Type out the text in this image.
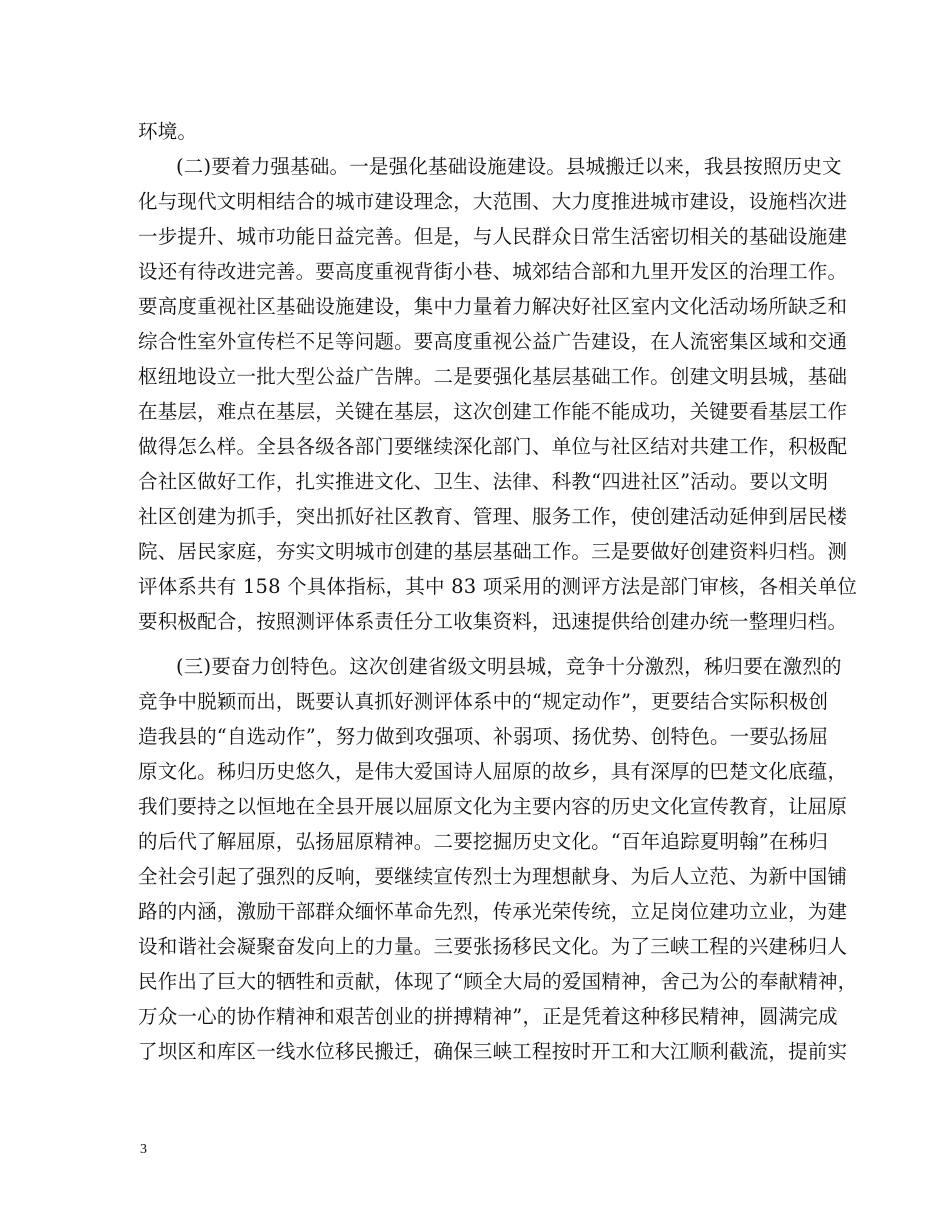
环境。
(二)要着力强基础。一是强化基础设施建设。县城搬迁以来，我县按照历史文
化与现代文明相结合的城市建设理念，大范围、大力度推进城市建设，设施档次进
一步提升、城市功能日益完善。但是，与人民群众日常生活密切相关的基础设施建
设还有待改进完善。要高度重视背街小巷、城郊结合部和九里开发区的治理工作。
要高度重视社区基础设施建设，集中力量着力解决好社区室内文化活动场所缺乏和
综合性室外宣传栏不足等问题。要高度重视公益广告建设，在人流密集区域和交通
枢纽地设立一批大型公益广告牌。二是要强化基层基础工作。创建文明县城，基础
在基层，难点在基层，关键在基层，这次创建工作能不能成功，关键要看基层工作
做得怎么样。全县各级各部门要继续深化部门、单位与社区结对共建工作，积极配
合社区做好工作，扎实推进文化、卫生、法律、科教“四进社区”活动。要以文明
社区创建为抓手，突出抓好社区教育、管理、服务工作，使创建活动延伸到居民楼
院、居民家庭，夯实文明城市创建的基层基础工作。三是要做好创建资料归档。测
评体系共有 158 个具体指标，其中 83 项采用的测评方法是部门审核，各相关单位
要积极配合，按照测评体系责任分工收集资料，迅速提供给创建办统一整理归档。
(三)要奋力创特色。这次创建省级文明县城，竞争十分激烈，秭归要在激烈的
竞争中脱颖而出，既要认真抓好测评体系中的“规定动作”，更要结合实际积极创
造我县的“自选动作”，努力做到攻强项、补弱项、扬优势、创特色。一要弘扬屈
原文化。秭归历史悠久，是伟大爱国诗人屈原的故乡，具有深厚的巴楚文化底蕴，
我们要持之以恒地在全县开展以屈原文化为主要内容的历史文化宣传教育，让屈原
的后代了解屈原，弘扬屈原精神。二要挖掘历史文化。“百年追踪夏明翰”在秭归
全社会引起了强烈的反响，要继续宣传烈士为理想献身、为后人立范、为新中国铺
路的内涵，激励干部群众缅怀革命先烈，传承光荣传统，立足岗位建功立业，为建
设和谐社会凝聚奋发向上的力量。三要张扬移民文化。为了三峡工程的兴建秭归人
民作出了巨大的牺牲和贡献，体现了“顾全大局的爱国精神，舍己为公的奉献精神，
万众一心的协作精神和艰苦创业的拼搏精神”，正是凭着这种移民精神，圆满完成
了坝区和库区一线水位移民搬迁，确保三峡工程按时开工和大江顺利截流，提前实
3
